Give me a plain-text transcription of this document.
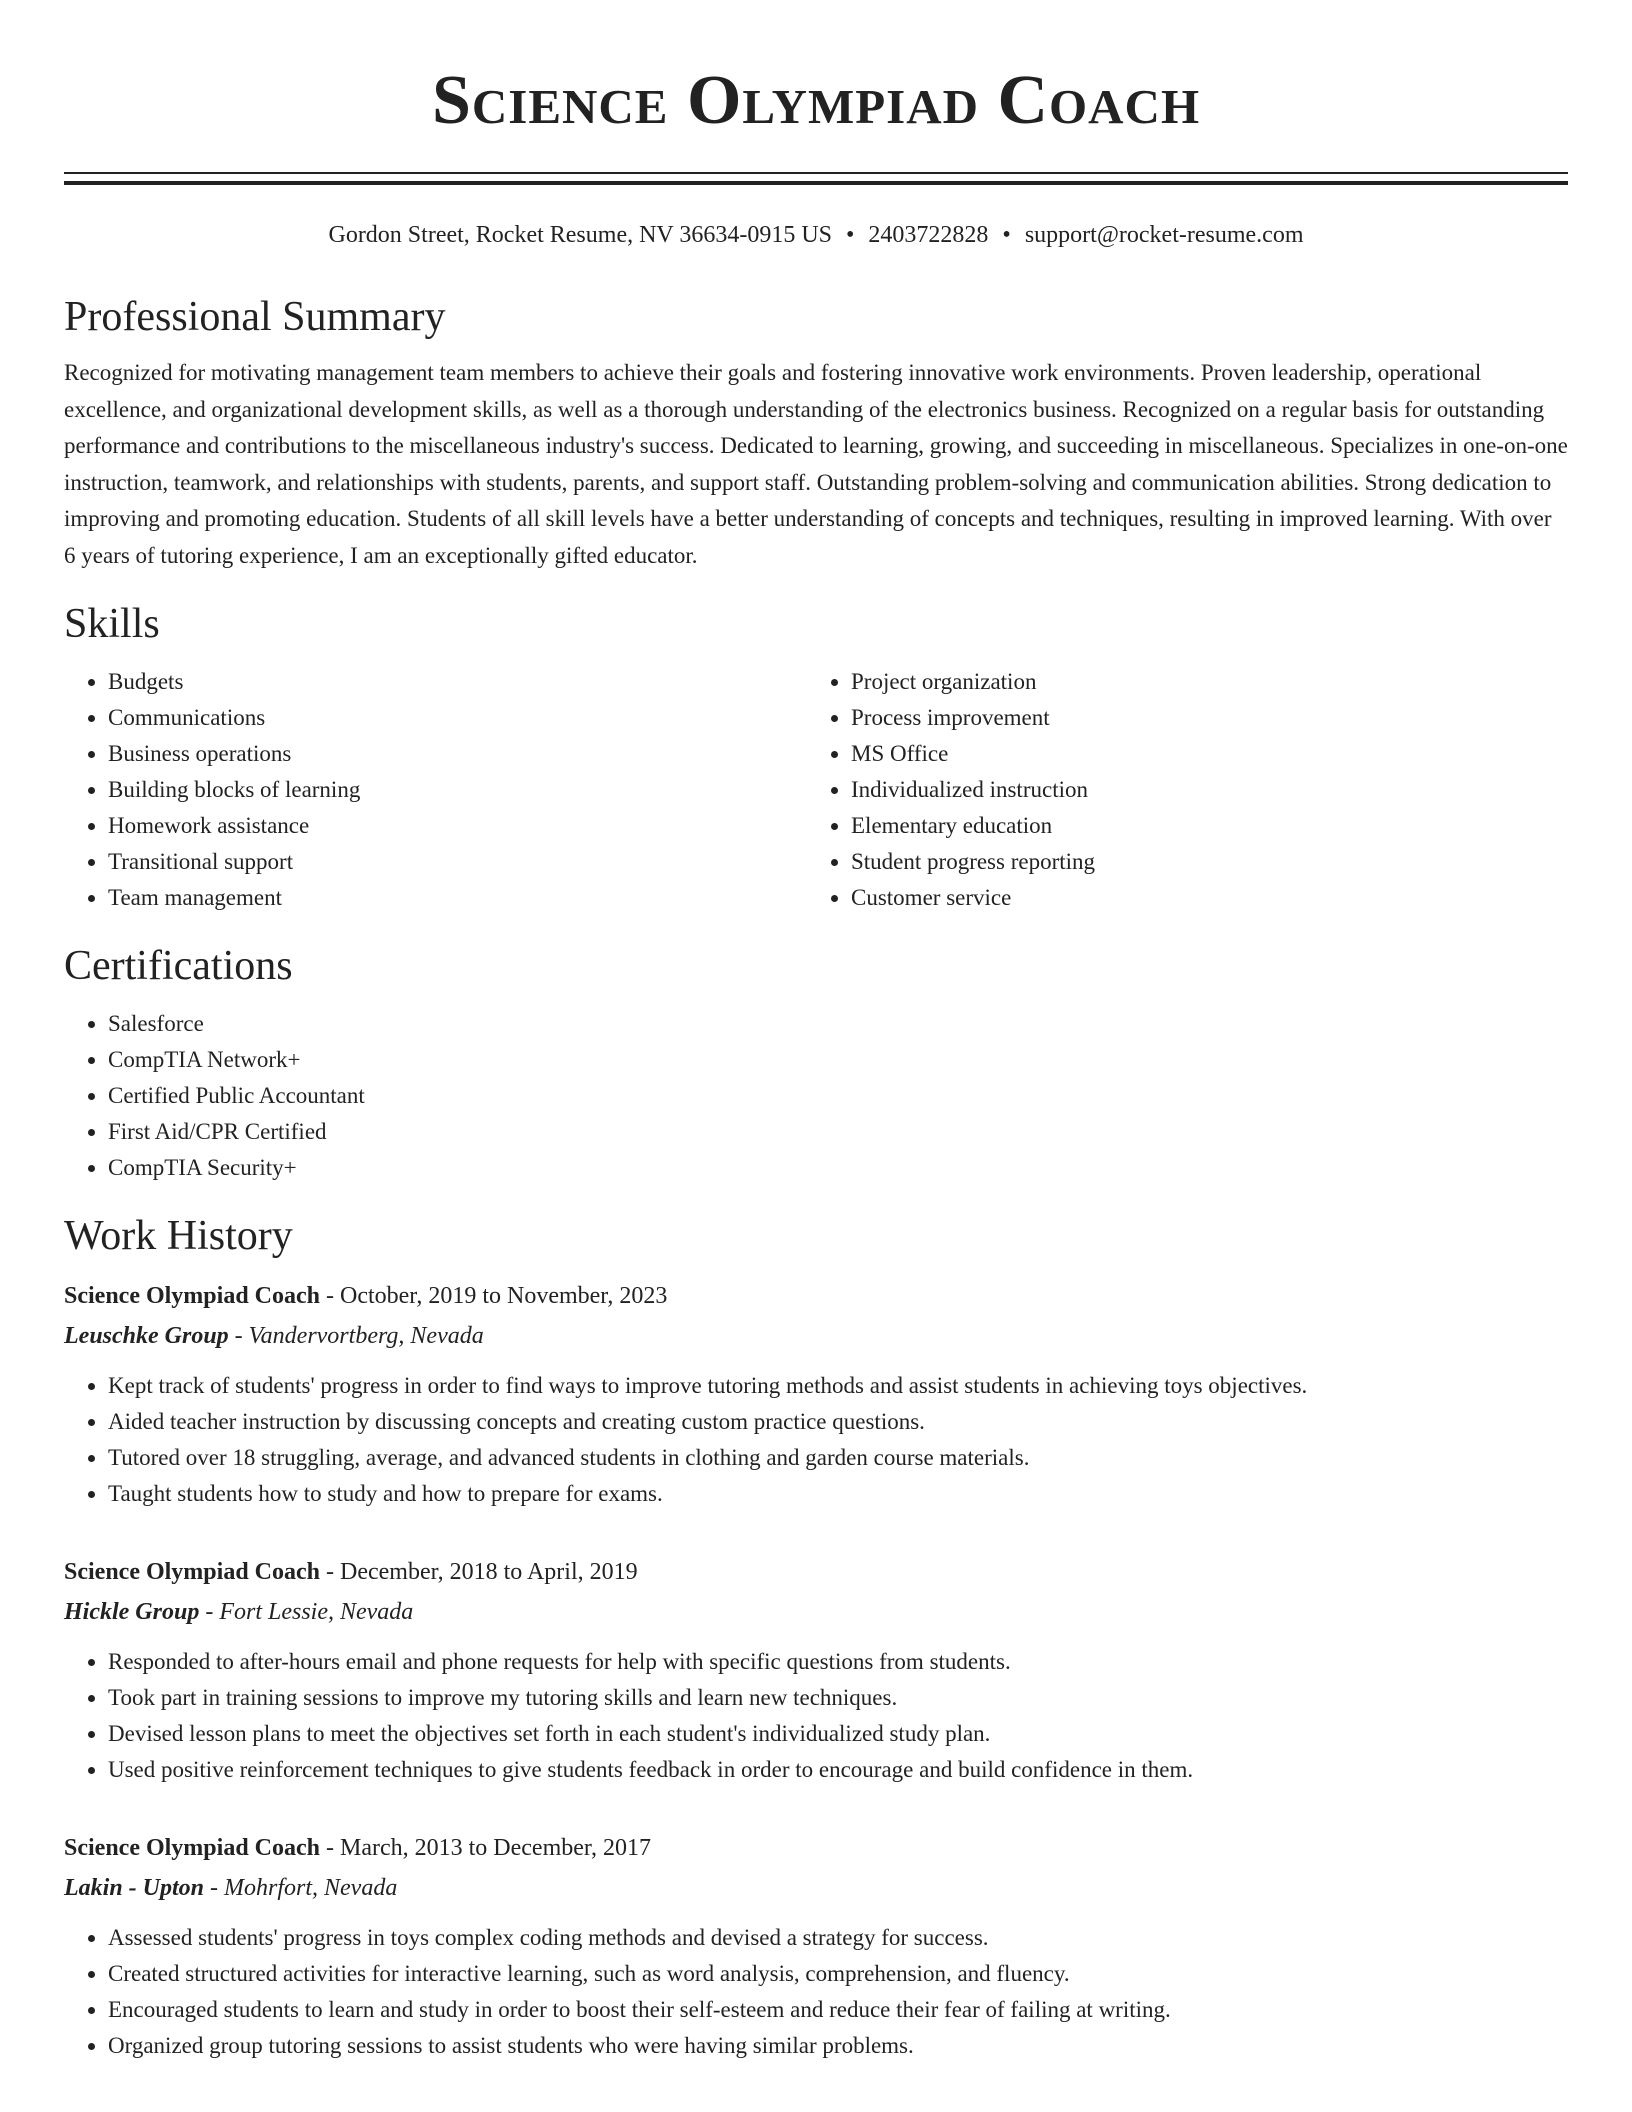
Science Olympiad Coach
Gordon Street, Rocket Resume, NV 36634-0915 US • 2403722828 • support@rocket-resume.com
Professional Summary

Recognized for motivating management team members to achieve their goals and fostering innovative work environments. Proven leadership, operational excellence, and organizational development skills, as well as a thorough understanding of the electronics business. Recognized on a regular basis for outstanding performance and contributions to the miscellaneous industry's success. Dedicated to learning, growing, and succeeding in miscellaneous. Specializes in one-on-one instruction, teamwork, and relationships with students, parents, and support staff. Outstanding problem-solving and communication abilities. Strong dedication to improving and promoting education. Students of all skill levels have a better understanding of concepts and techniques, resulting in improved learning. With over 6 years of tutoring experience, I am an exceptionally gifted educator.

Skills
• Budgets
• Communications
• Business operations
• Building blocks of learning
• Homework assistance
• Transitional support
• Team management
• Project organization
• Process improvement
• MS Office
• Individualized instruction
• Elementary education
• Student progress reporting
• Customer service
Certifications
• Salesforce
• CompTIA Network+
• Certified Public Accountant
• First Aid/CPR Certified
• CompTIA Security+
Work History
Science Olympiad Coach - October, 2019 to November, 2023
Leuschke Group - Vandervortberg, Nevada
• Kept track of students' progress in order to find ways to improve tutoring methods and assist students in achieving toys objectives.
• Aided teacher instruction by discussing concepts and creating custom practice questions.
• Tutored over 18 struggling, average, and advanced students in clothing and garden course materials.
• Taught students how to study and how to prepare for exams.
Science Olympiad Coach - December, 2018 to April, 2019
Hickle Group - Fort Lessie, Nevada
• Responded to after-hours email and phone requests for help with specific questions from students.
• Took part in training sessions to improve my tutoring skills and learn new techniques.
• Devised lesson plans to meet the objectives set forth in each student's individualized study plan.
• Used positive reinforcement techniques to give students feedback in order to encourage and build confidence in them.
Science Olympiad Coach - March, 2013 to December, 2017
Lakin - Upton - Mohrfort, Nevada
• Assessed students' progress in toys complex coding methods and devised a strategy for success.
• Created structured activities for interactive learning, such as word analysis, comprehension, and fluency.
• Encouraged students to learn and study in order to boost their self-esteem and reduce their fear of failing at writing.
• Organized group tutoring sessions to assist students who were having similar problems.
